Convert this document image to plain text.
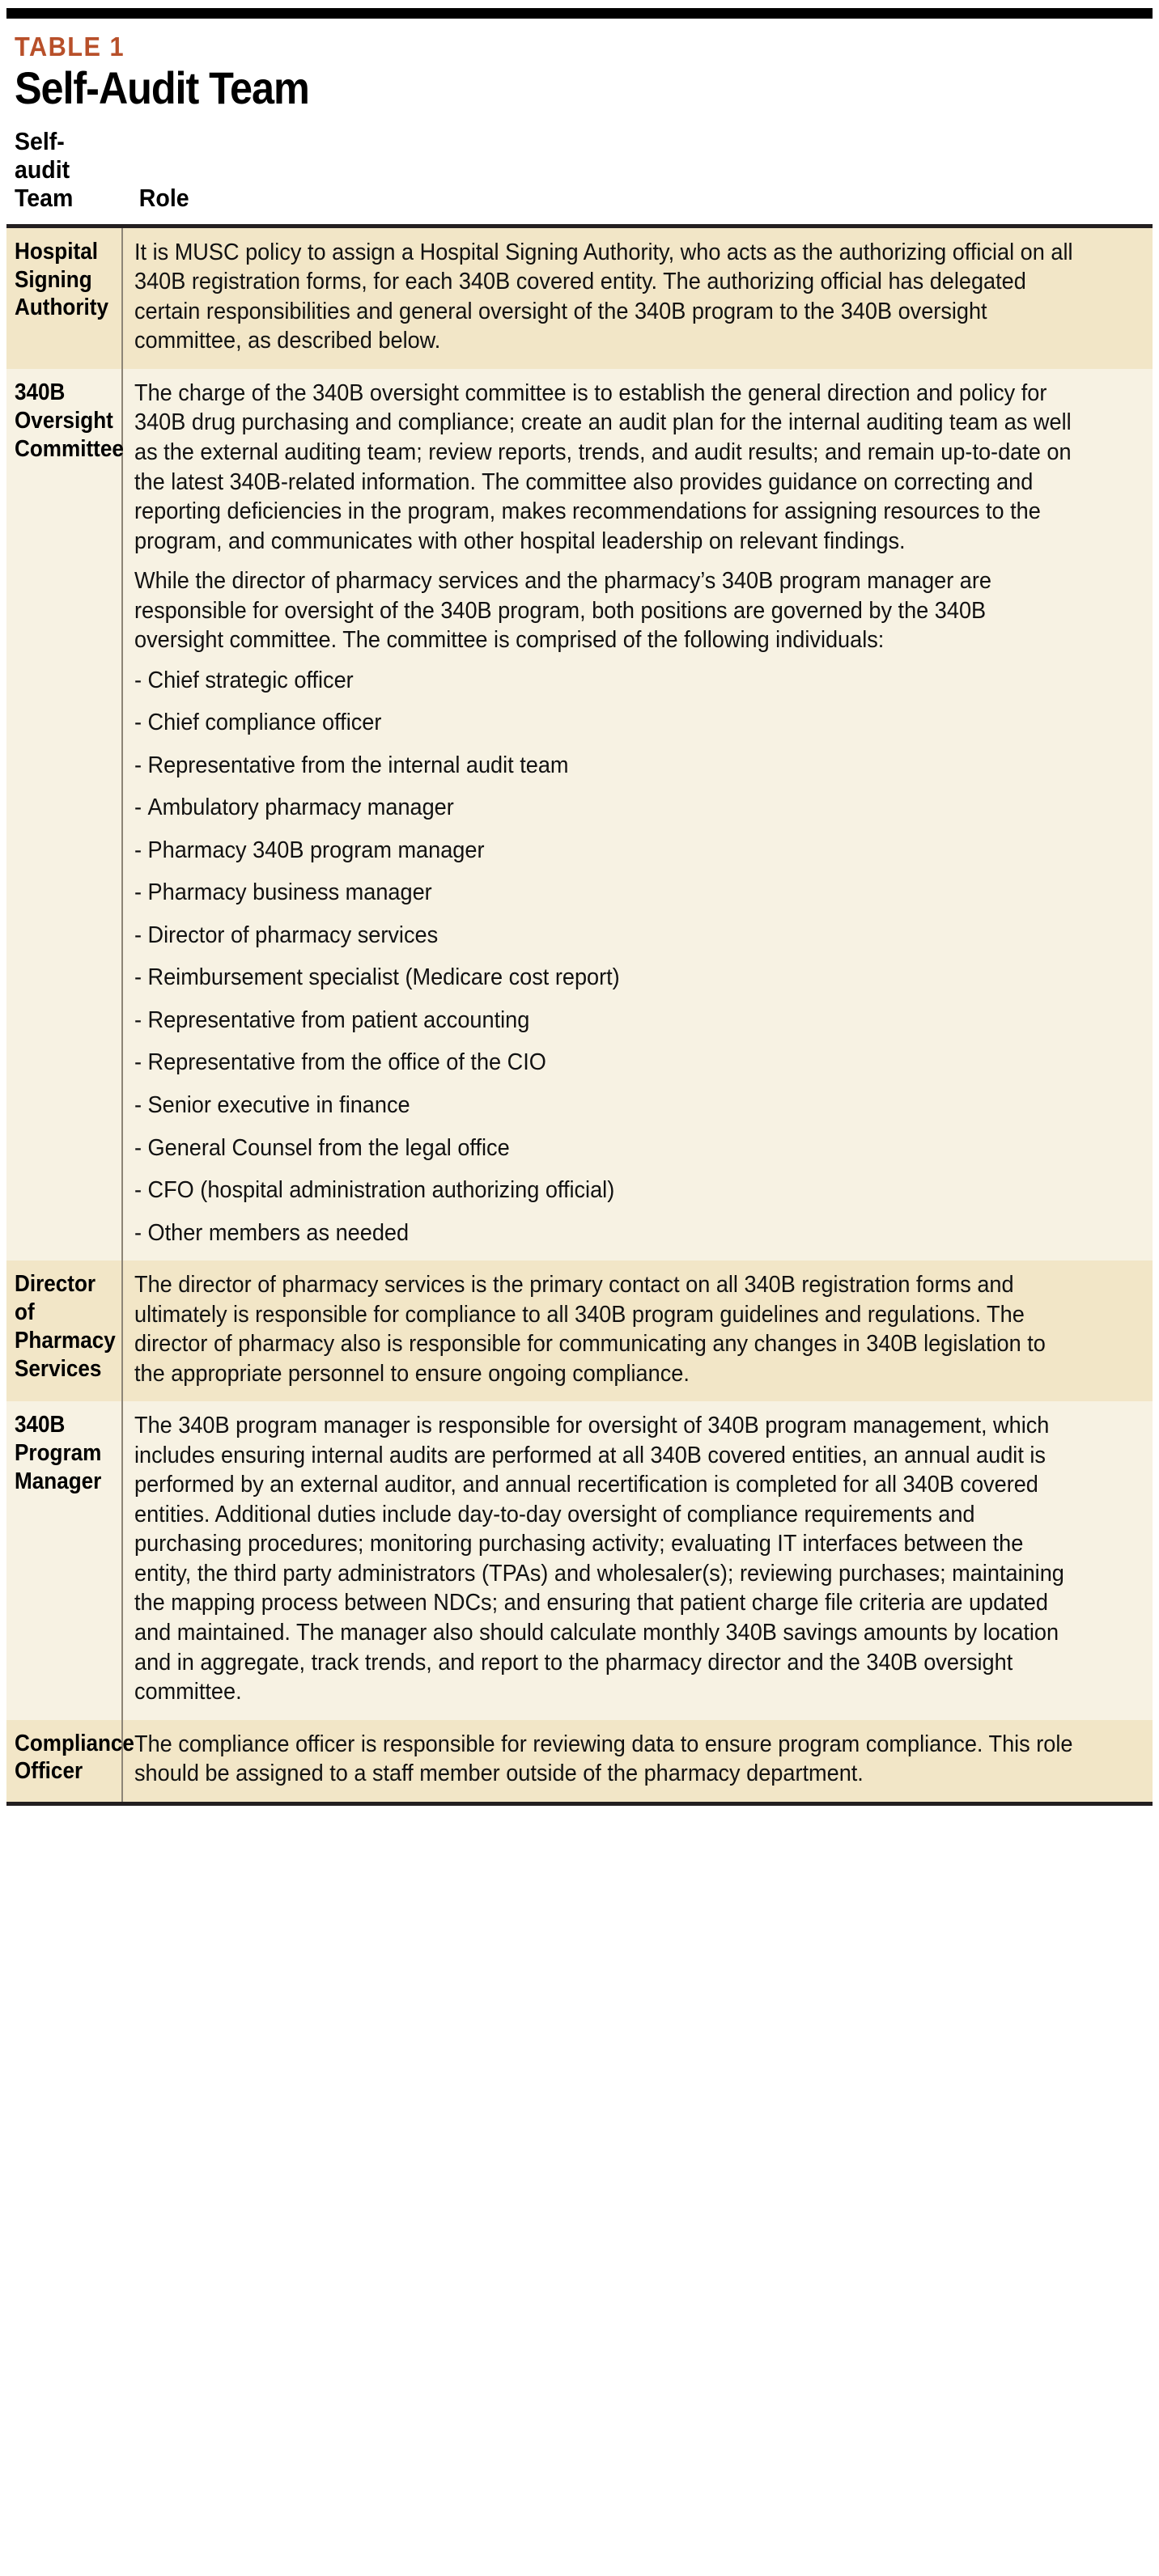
TABLE 1
Self-Audit Team
Self-audit
Team	Role
Hospital Signing Authority

It is MUSC policy to assign a Hospital Signing Authority, who acts as the authorizing official on all 340B registration forms, for each 340B covered entity. The authorizing official has delegated certain responsibilities and general oversight of the 340B program to the 340B oversight committee, as described below.

340B Oversight Committee

The charge of the 340B oversight committee is to establish the general direction and policy for 340B drug purchasing and compliance; create an audit plan for the internal auditing team as well as the external auditing team; review reports, trends, and audit results; and remain up-to-date on the latest 340B-related information. The committee also provides guidance on correcting and reporting deficiencies in the program, makes recommendations for assigning resources to the program, and communicates with other hospital leadership on relevant findings.

While the director of pharmacy services and the pharmacy’s 340B program manager are responsible for oversight of the 340B program, both positions are governed by the 340B oversight committee. The committee is comprised of the following individuals:

- Chief strategic officer
- Chief compliance officer
- Representative from the internal audit team
- Ambulatory pharmacy manager
- Pharmacy 340B program manager
- Pharmacy business manager
- Director of pharmacy services
- Reimbursement specialist (Medicare cost report)
- Representative from patient accounting
- Representative from the office of the CIO
- Senior executive in finance
- General Counsel from the legal office
- CFO (hospital administration authorizing official)
- Other members as needed
Director of Pharmacy Services

The director of pharmacy services is the primary contact on all 340B registration forms and ultimately is responsible for compliance to all 340B program guidelines and regulations. The director of pharmacy also is responsible for communicating any changes in 340B legislation to the appropriate personnel to ensure ongoing compliance.

340B Program Manager

The 340B program manager is responsible for oversight of 340B program management, which includes ensuring internal audits are performed at all 340B covered entities, an annual audit is performed by an external auditor, and annual recertification is completed for all 340B covered entities. Additional duties include day-to-day oversight of compliance requirements and purchasing procedures; monitoring purchasing activity; evaluating IT interfaces between the entity, the third party administrators (TPAs) and wholesaler(s); reviewing purchases; maintaining the mapping process between NDCs; and ensuring that patient charge file criteria are updated and maintained. The manager also should calculate monthly 340B savings amounts by location and in aggregate, track trends, and report to the pharmacy director and the 340B oversight committee.

Compliance Officer

The compliance officer is responsible for reviewing data to ensure program compliance. This role should be assigned to a staff member outside of the pharmacy department.
